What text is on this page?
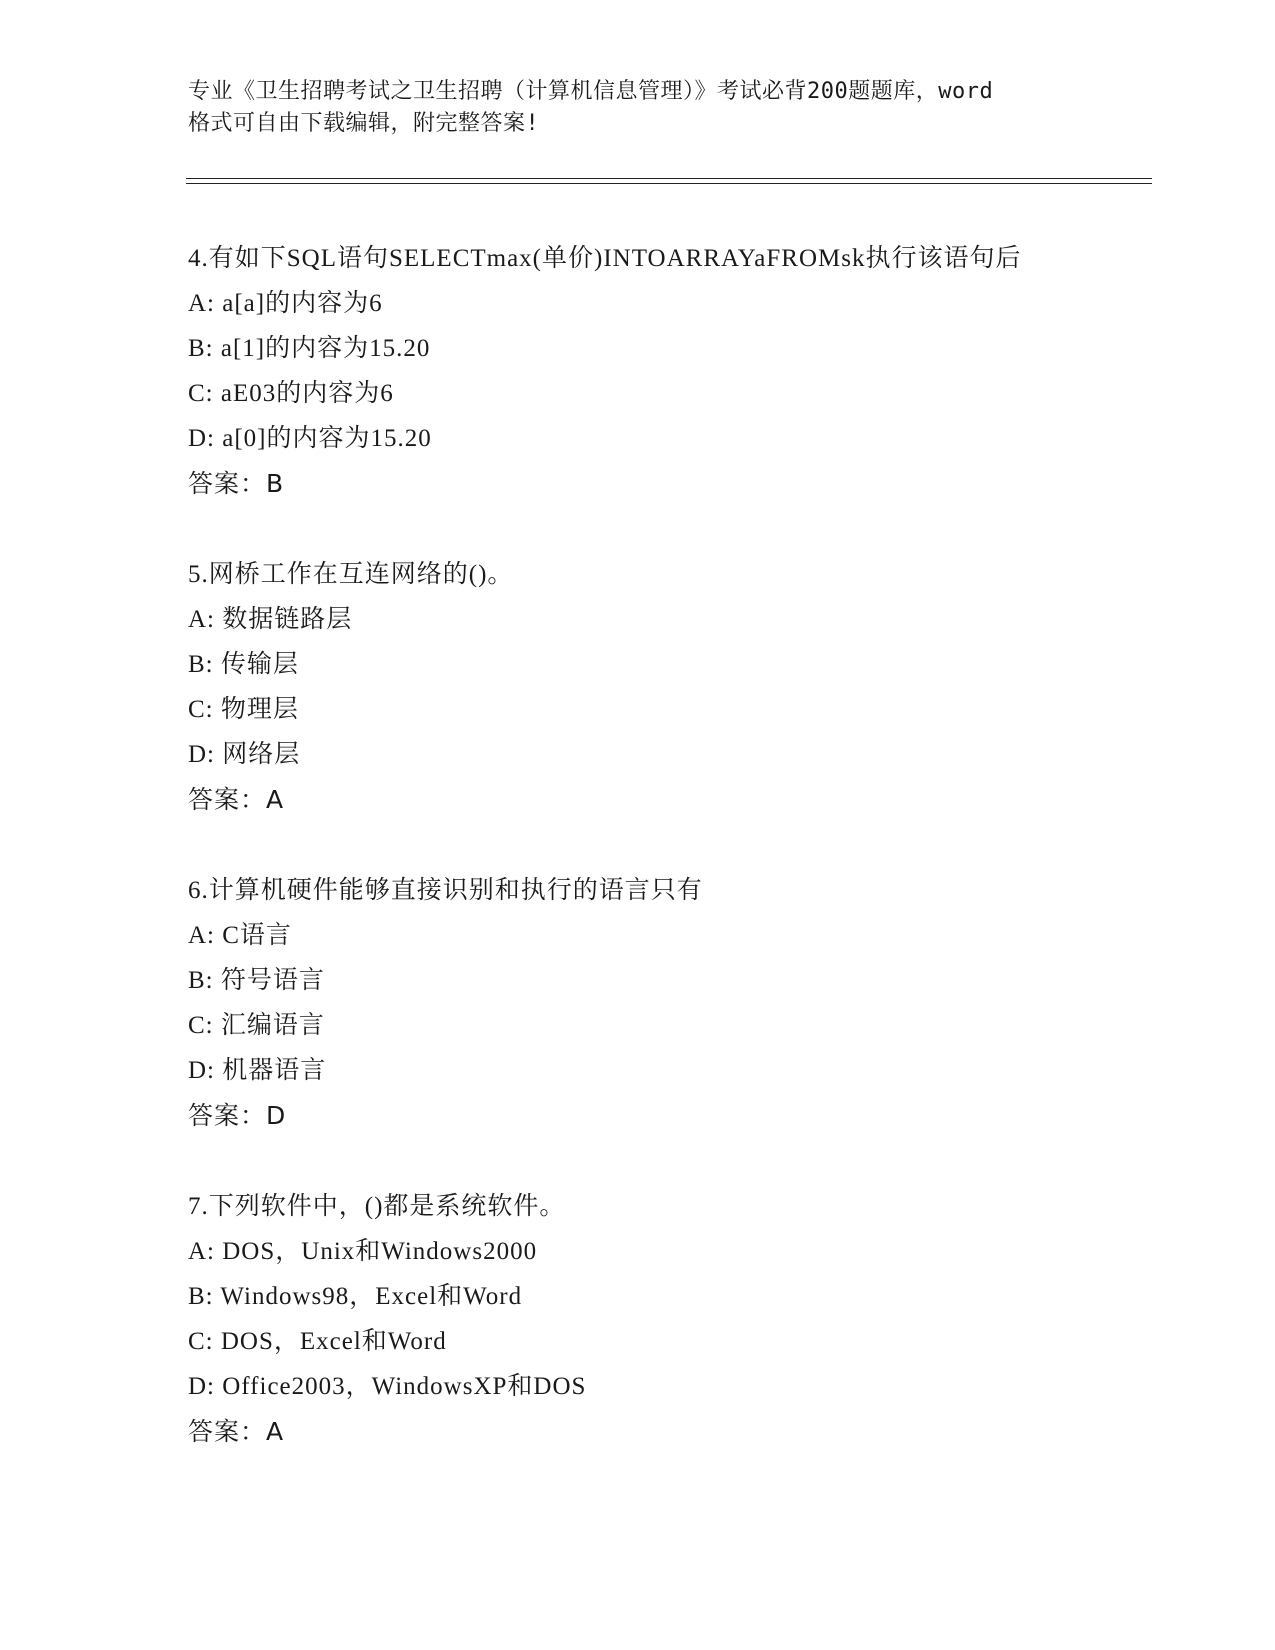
专业《卫生招聘考试之卫生招聘（计算机信息管理）》考试必背200题题库，word
格式可自由下载编辑，附完整答案!
4.有如下SQL语句SELECTmax(单价)INTOARRAYaFROMsk执行该语句后
A: a[a]的内容为6
B: a[1]的内容为15.20
C: aE03的内容为6
D: a[0]的内容为15.20
答案：B
5.网桥工作在互连网络的()。
A: 数据链路层
B: 传输层
C: 物理层
D: 网络层
答案：A
6.计算机硬件能够直接识别和执行的语言只有
A: C语言
B: 符号语言
C: 汇编语言
D: 机器语言
答案：D
7.下列软件中，()都是系统软件。
A: DOS，Unix和Windows2000
B: Windows98，Excel和Word
C: DOS，Excel和Word
D: Office2003，WindowsXP和DOS
答案：A
